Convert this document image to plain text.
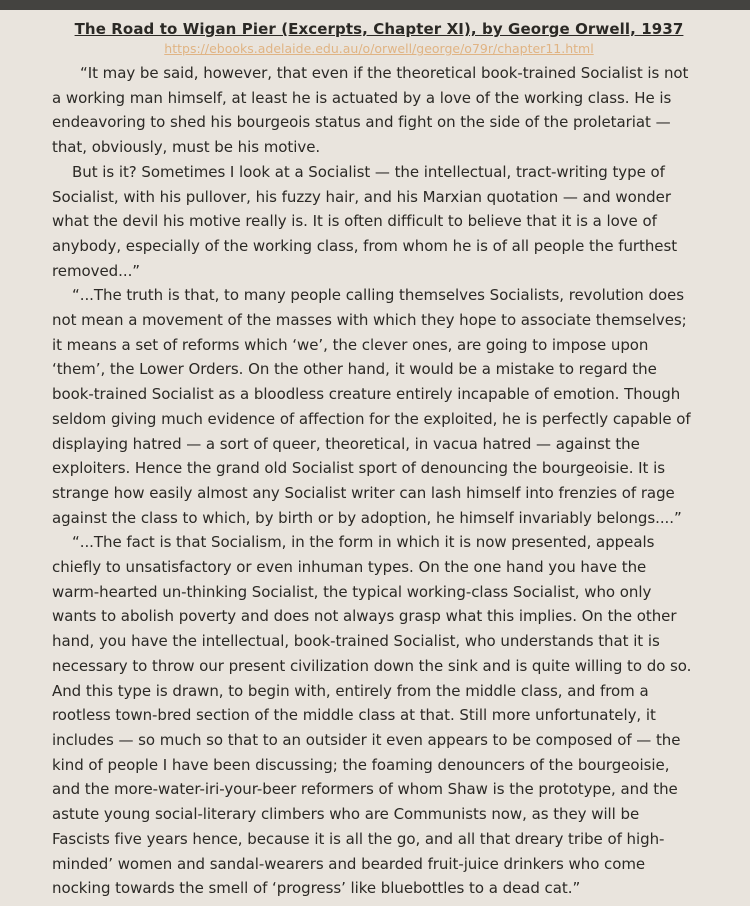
The Road to Wigan Pier (Excerpts, Chapter XI), by George Orwell, 1937
https://ebooks.adelaide.edu.au/o/orwell/george/o79r/chapter11.html

“It may be said, however, that even if the theoretical book-trained Socialist is not
a working man himself, at least he is actuated by a love of the working class. He is
endeavoring to shed his bourgeois status and fight on the side of the proletariat —
that, obviously, must be his motive.

But is it? Sometimes I look at a Socialist — the intellectual, tract-writing type of
Socialist, with his pullover, his fuzzy hair, and his Marxian quotation — and wonder
what the devil his motive really is. It is often difficult to believe that it is a love of
anybody, especially of the working class, from whom he is of all people the furthest
removed...”

“...The truth is that, to many people calling themselves Socialists, revolution does
not mean a movement of the masses with which they hope to associate themselves;
it means a set of reforms which ‘we’, the clever ones, are going to impose upon
‘them’, the Lower Orders. On the other hand, it would be a mistake to regard the
book-trained Socialist as a bloodless creature entirely incapable of emotion. Though
seldom giving much evidence of affection for the exploited, he is perfectly capable of
displaying hatred — a sort of queer, theoretical, in vacua hatred — against the
exploiters. Hence the grand old Socialist sport of denouncing the bourgeoisie. It is
strange how easily almost any Socialist writer can lash himself into frenzies of rage
against the class to which, by birth or by adoption, he himself invariably belongs....”

“...The fact is that Socialism, in the form in which it is now presented, appeals
chiefly to unsatisfactory or even inhuman types. On the one hand you have the
warm-hearted un-thinking Socialist, the typical working-class Socialist, who only
wants to abolish poverty and does not always grasp what this implies. On the other
hand, you have the intellectual, book-trained Socialist, who understands that it is
necessary to throw our present civilization down the sink and is quite willing to do so.
And this type is drawn, to begin with, entirely from the middle class, and from a
rootless town-bred section of the middle class at that. Still more unfortunately, it
includes — so much so that to an outsider it even appears to be composed of — the
kind of people I have been discussing; the foaming denouncers of the bourgeoisie,
and the more-water-iri-your-beer reformers of whom Shaw is the prototype, and the
astute young social-literary climbers who are Communists now, as they will be
Fascists five years hence, because it is all the go, and all that dreary tribe of high-
minded’ women and sandal-wearers and bearded fruit-juice drinkers who come
nocking towards the smell of ‘progress’ like bluebottles to a dead cat.”
